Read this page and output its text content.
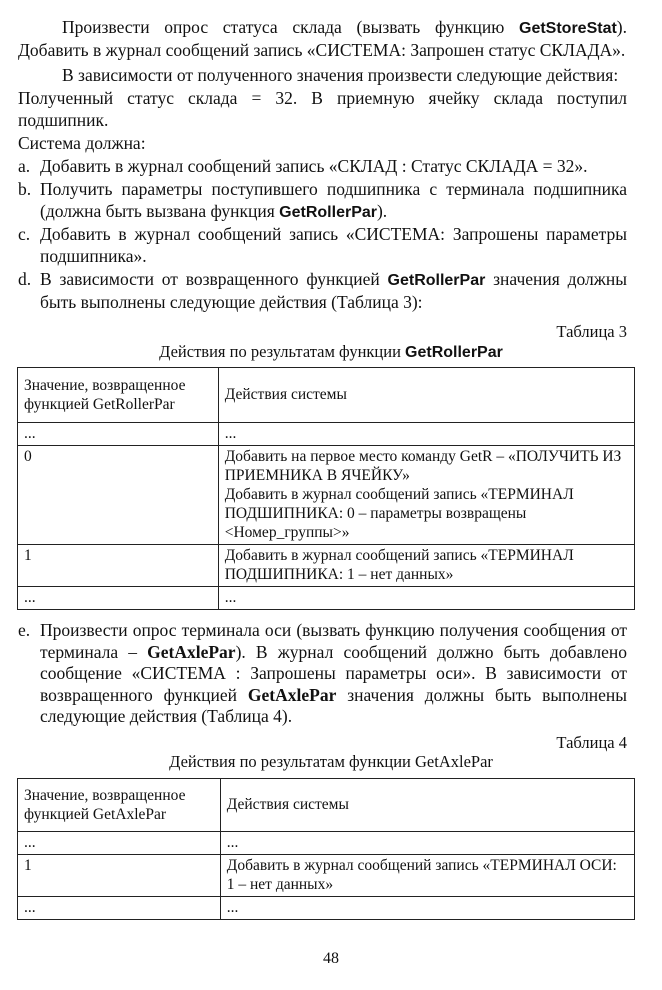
Произвести опрос статуса склада (вызвать функцию GetStoreStat). Добавить в журнал сообщений запись «СИСТЕМА: Запрошен статус СКЛАДА».

В зависимости от полученного значения произвести следующие действия:

Полученный статус склада = 32. В приемную ячейку склада поступил подшипник.

Система должна:

a. Добавить в журнал сообщений запись «СКЛАД : Статус СКЛАДА = 32».
b. Получить параметры поступившего подшипника с терминала подшипника (должна быть вызвана функция GetRollerPar).
c. Добавить в журнал сообщений запись «СИСТЕМА: Запрошены параметры подшипника».
d. В зависимости от возвращенного функцией GetRollerPar значения должны быть выполнены следующие действия (Таблица 3):
Таблица 3
Действия по результатам функции GetRollerPar
Значение, возвращенное функцией GetRollerPar	Действия системы
...	...
0	Добавить на первое место команду GetR – «ПОЛУЧИТЬ ИЗ ПРИЕМНИКА В ЯЧЕЙКУ»
Добавить в журнал сообщений запись «ТЕРМИНАЛ ПОДШИПНИКА: 0 – параметры возвращены <Номер_группы>»

1	Добавить в журнал сообщений запись «ТЕРМИНАЛ ПОДШИПНИКА: 1 – нет данных»
...	...
e. Произвести опрос терминала оси (вызвать функцию получения сообщения от терминала – GetAxlePar). В журнал сообщений должно быть добавлено сообщение «СИСТЕМА : Запрошены параметры оси». В зависимости от возвращенного функцией GetAxlePar значения должны быть выполнены следующие действия (Таблица 4).
Таблица 4
Действия по результатам функции GetAxlePar
Значение, возвращенное функцией GetAxlePar	Действия системы
...	...
1	Добавить в журнал сообщений запись «ТЕРМИНАЛ ОСИ: 1 – нет данных»
...	...
48
